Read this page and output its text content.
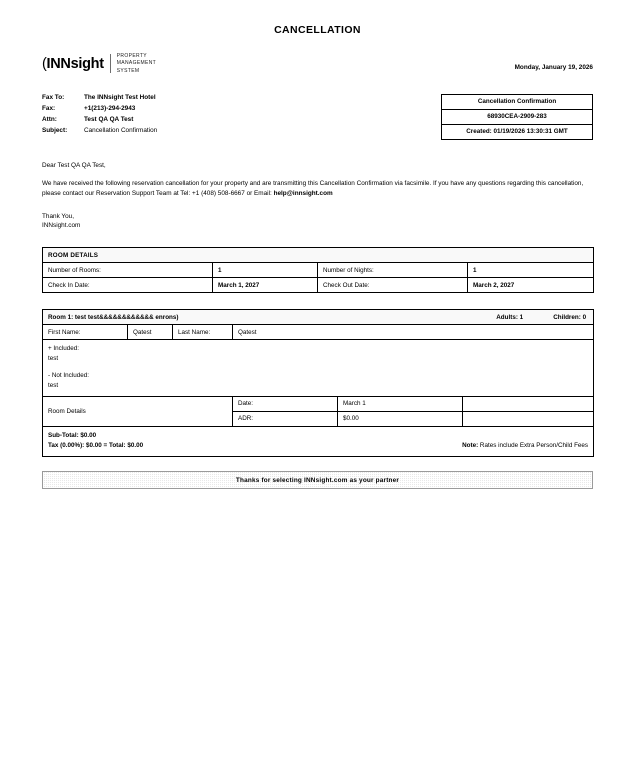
CANCELLATION
(INNsight	PROPERTY
MANAGEMENT
SYSTEM	Monday, January 19, 2026
Fax To:	The INNsight Test Hotel
Fax:	+1(213)-294-2943
Attn:	Test QA QA Test
Subject:	Cancellation Confirmation
Cancellation Confirmation
68930CEA-2909-283
Created: 01/19/2026 13:30:31 GMT
Dear Test QA QA Test,
We have received the following reservation cancellation for your property and are transmitting this Cancellation Confirmation via facsimile. If you have any questions regarding this cancellation, please contact our Reservation Support Team at Tel: +1 (408) 508-6667 or Email: help@innsight.com
Thank You,
INNsight.com
ROOM DETAILS			
Number of Rooms:	1	Number of Nights:	1
Check In Date:	March 1, 2027	Check Out Date:	March 2, 2027
Room 1: test test&&&&&&&&&&&& enrons) Adults: 1 Children: 0					

First Name:	Qatest	Last Name:	Qatest		

+ Included:
test
- Not Included:
test					

Room Details			Date:	March 1	
			ADR:	$0.00	

Sub-Total: $0.00
Tax (0.00%): $0.00 = Total: $0.00 Note: Rates include Extra Person/Child Fees					
Thanks for selecting INNsight.com as your partner
